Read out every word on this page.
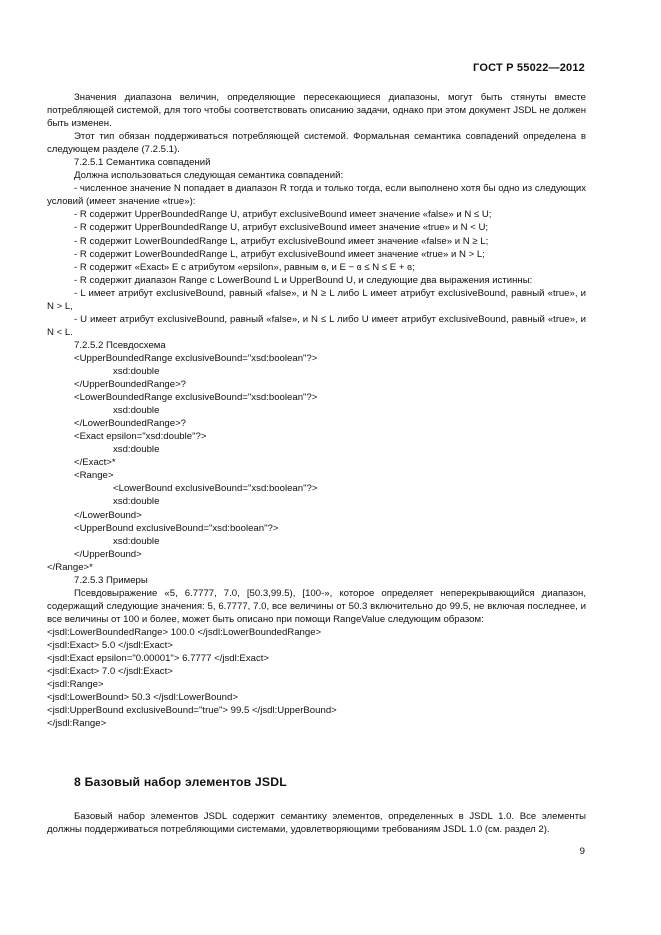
ГОСТ Р 55022—2012

Значения диапазона величин, определяющие пересекающиеся диапазоны, могут быть стянуты вместе потребляющей системой, для того чтобы соответствовать описанию задачи, однако при этом документ JSDL не должен быть изменен.

Этот тип обязан поддерживаться потребляющей системой. Формальная семантика совпадений определена в следующем разделе (7.2.5.1).

7.2.5.1 Семантика совпадений

Должна использоваться следующая семантика совпадений:

- численное значение N попадает в диапазон R тогда и только тогда, если выполнено хотя бы одно из следующих условий (имеет значение «true»):

- R содержит UpperBoundedRange U, атрибут exclusiveBound имеет значение «false» и N ≤ U;

- R содержит UpperBoundedRange U, атрибут exclusiveBound имеет значение «true» и N < U;

- R содержит LowerBoundedRange L, атрибут exclusiveBound имеет значение «false» и N ≥ L;

- R содержит LowerBoundedRange L, атрибут exclusiveBound имеет значение «true» и N > L;

- R содержит «Exact» E с атрибутом «epsilon», равным ɞ, и E − ɞ ≤ N ≤ E + ɞ;

- R содержит диапазон Range с LowerBound L и UpperBound U, и следующие два выражения истинны:

- L имеет атрибут exclusiveBound, равный «false», и N ≥ L либо L имеет атрибут exclusiveBound, равный «true», и N > L,

- U имеет атрибут exclusiveBound, равный «false», и N ≤ L либо U имеет атрибут exclusiveBound, равный «true», и N < L.

7.2.5.2 Псевдосхема

<UpperBoundedRange exclusiveBound="xsd:boolean"?>

xsd:double

</UpperBoundedRange>?

<LowerBoundedRange exclusiveBound="xsd:boolean"?>

xsd:double

</LowerBoundedRange>?

<Exact epsilon="xsd:double"?>

xsd:double

</Exact>*

<Range>

<LowerBound exclusiveBound="xsd:boolean"?>

xsd:double

</LowerBound>

<UpperBound exclusiveBound="xsd:boolean"?>

xsd:double

</UpperBound>

</Range>*

7.2.5.3 Примеры

Псевдовыражение «5, 6.7777, 7.0, [50.3,99.5), [100-», которое определяет неперекрывающийся диапазон, содержащий следующие значения: 5, 6.7777, 7.0, все величины от 50.3 включительно до 99.5, не включая последнее, и все величины от 100 и более, может быть описано при помощи RangeValue следующим образом:

<jsdl:LowerBoundedRange> 100.0 </jsdl:LowerBoundedRange>

<jsdl:Exact> 5.0 </jsdl:Exact>

<jsdl:Exact epsilon="0.00001"> 6.7777 </jsdl:Exact>

<jsdl:Exact> 7.0 </jsdl:Exact>

<jsdl:Range>

<jsdl:LowerBound> 50.3 </jsdl:LowerBound>

<jsdl:UpperBound exclusiveBound="true"> 99.5 </jsdl:UpperBound>

</jsdl:Range>

8 Базовый набор элементов JSDL

Базовый набор элементов JSDL содержит семантику элементов, определенных в JSDL 1.0. Все элементы должны поддерживаться потребляющими системами, удовлетворяющими требованиям JSDL 1.0 (см. раздел 2).

9
